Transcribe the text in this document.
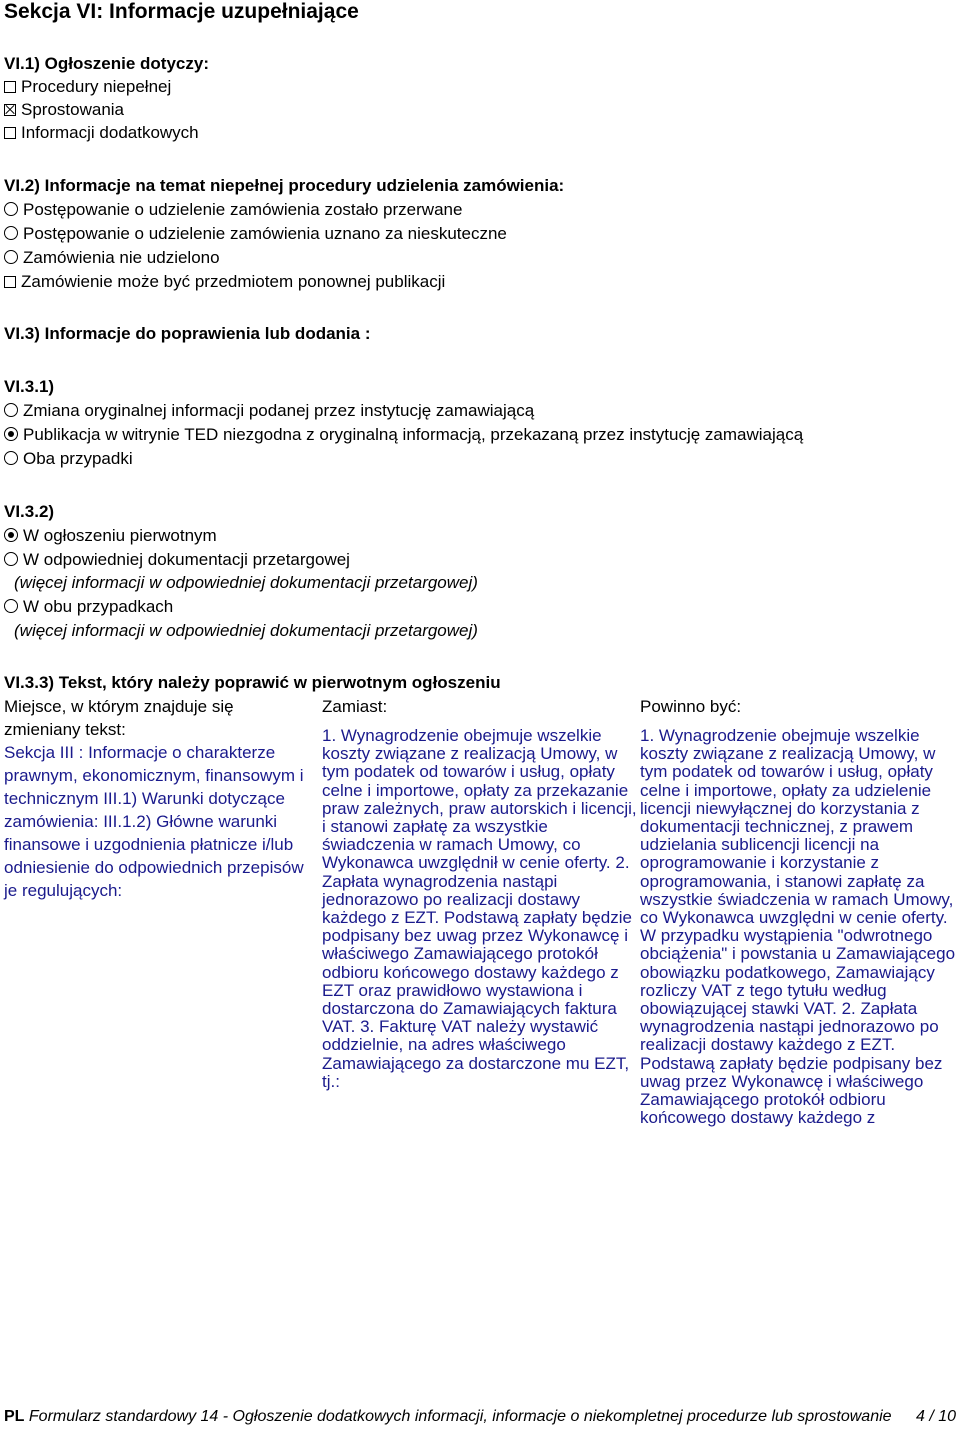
Sekcja VI: Informacje uzupełniające
VI.1) Ogłoszenie dotyczy:
Procedury niepełnej
Sprostowania
Informacji dodatkowych
VI.2) Informacje na temat niepełnej procedury udzielenia zamówienia:
Postępowanie o udzielenie zamówienia zostało przerwane
Postępowanie o udzielenie zamówienia uznano za nieskuteczne
Zamówienia nie udzielono
Zamówienie może być przedmiotem ponownej publikacji
VI.3) Informacje do poprawienia lub dodania :
VI.3.1)
Zmiana oryginalnej informacji podanej przez instytucję zamawiającą
Publikacja w witrynie TED niezgodna z oryginalną informacją, przekazaną przez instytucję zamawiającą
Oba przypadki
VI.3.2)
W ogłoszeniu pierwotnym
W odpowiedniej dokumentacji przetargowej
(więcej informacji w odpowiedniej dokumentacji przetargowej)
W obu przypadkach
(więcej informacji w odpowiedniej dokumentacji przetargowej)
VI.3.3) Tekst, który należy poprawić w pierwotnym ogłoszeniu
Miejsce, w którym znajduje się zmieniany tekst:
Zamiast:	Powinno być:
Sekcja III : Informacje o charakterze prawnym, ekonomicznym, finansowym i technicznym III.1) Warunki dotyczące zamówienia: III.1.2) Główne warunki finansowe i uzgodnienia płatnicze i/lub odniesienie do odpowiednich przepisów je regulujących:
1. Wynagrodzenie obejmuje wszelkie koszty związane z realizacją Umowy, w tym podatek od towarów i usług, opłaty celne i importowe, opłaty za przekazanie praw zależnych, praw autorskich i licencji, i stanowi zapłatę za wszystkie świadczenia w ramach Umowy, co Wykonawca uwzględnił w cenie oferty. 2. Zapłata wynagrodzenia nastąpi jednorazowo po realizacji dostawy każdego z EZT. Podstawą zapłaty będzie podpisany bez uwag przez Wykonawcę i właściwego Zamawiającego protokół odbioru końcowego dostawy każdego z EZT oraz prawidłowo wystawiona i dostarczona do Zamawiających faktura VAT. 3. Fakturę VAT należy wystawić oddzielnie, na adres właściwego Zamawiającego za dostarczone mu EZT, tj.:
1. Wynagrodzenie obejmuje wszelkie koszty związane z realizacją Umowy, w tym podatek od towarów i usług, opłaty celne i importowe, opłaty za udzielenie licencji niewyłącznej do korzystania z dokumentacji technicznej, z prawem udzielania sublicencji licencji na oprogramowanie i korzystanie z oprogramowania, i stanowi zapłatę za wszystkie świadczenia w ramach Umowy, co Wykonawca uwzględni w cenie oferty. W przypadku wystąpienia "odwrotnego obciążenia" i powstania u Zamawiającego obowiązku podatkowego, Zamawiający rozliczy VAT z tego tytułu według obowiązującej stawki VAT. 2. Zapłata wynagrodzenia nastąpi jednorazowo po realizacji dostawy każdego z EZT. Podstawą zapłaty będzie podpisany bez uwag przez Wykonawcę i właściwego Zamawiającego protokół odbioru końcowego dostawy każdego z
PL Formularz standardowy 14 - Ogłoszenie dodatkowych informacji, informacje o niekompletnej procedurze lub sprostowanie 4 / 10
